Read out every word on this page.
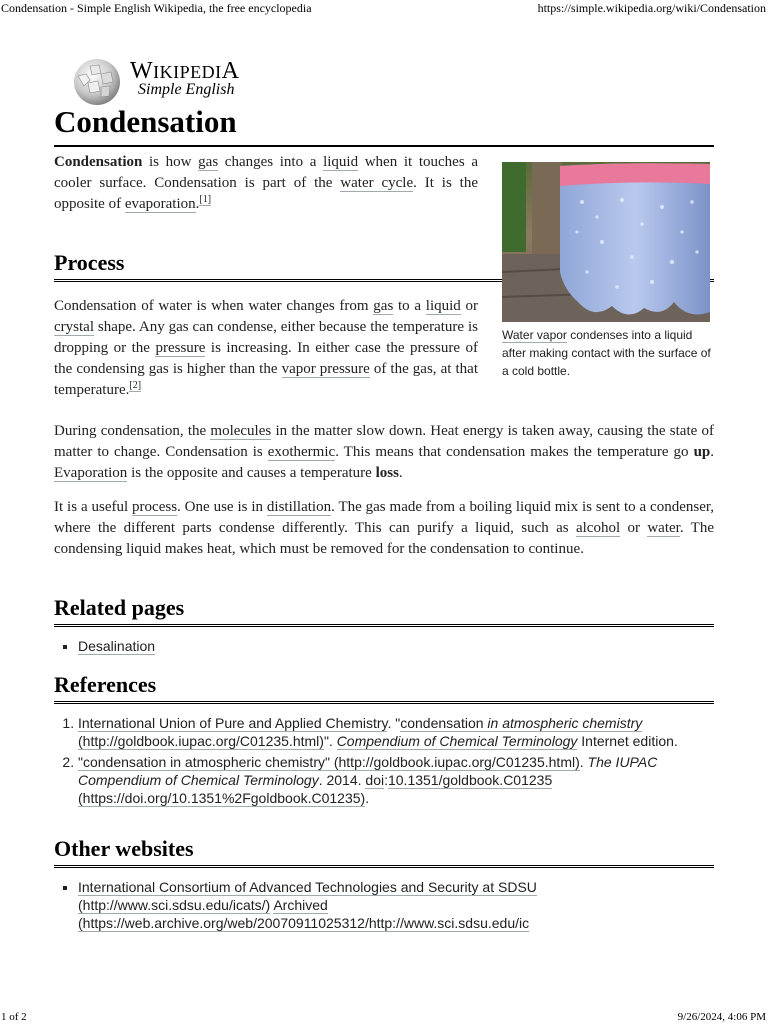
Condensation - Simple English Wikipedia, the free encyclopedia	https://simple.wikipedia.org/wiki/Condensation
WIKIPEDIA
Simple English
Condensation
Water vapor condenses into a liquid after making contact with the surface of a cold bottle.

Condensation is how gas changes into a liquid when it touches a cooler surface. Condensation is part of the water cycle. It is the opposite of evaporation.[1]

Process

Condensation of water is when water changes from gas to a liquid or crystal shape. Any gas can condense, either because the temperature is dropping or the pressure is increasing. In either case the pressure of the condensing gas is higher than the vapor pressure of the gas, at that temperature.[2]

During condensation, the molecules in the matter slow down. Heat energy is taken away, causing the state of matter to change. Condensation is exothermic. This means that condensation makes the temperature go up. Evaporation is the opposite and causes a temperature loss.

It is a useful process. One use is in distillation. The gas made from a boiling liquid mix is sent to a condenser, where the different parts condense differently. This can purify a liquid, such as alcohol or water. The condensing liquid makes heat, which must be removed for the condensation to continue.

Related pages
▪ Desalination
References
1. International Union of Pure and Applied Chemistry. "condensation in atmospheric chemistry (http://goldbook.iupac.org/C01235.html)". Compendium of Chemical Terminology Internet edition.
2. "condensation in atmospheric chemistry" (http://goldbook.iupac.org/C01235.html). The IUPAC Compendium of Chemical Terminology. 2014. doi:10.1351/goldbook.C01235 (https://doi.org/10.1351%2Fgoldbook.C01235).
Other websites
▪ International Consortium of Advanced Technologies and Security at SDSU (http://www.sci.sdsu.edu/icats/) Archived (https://web.archive.org/web/20070911025312/http://www.sci.sdsu.edu/ic
1 of 2	9/26/2024, 4:06 PM
